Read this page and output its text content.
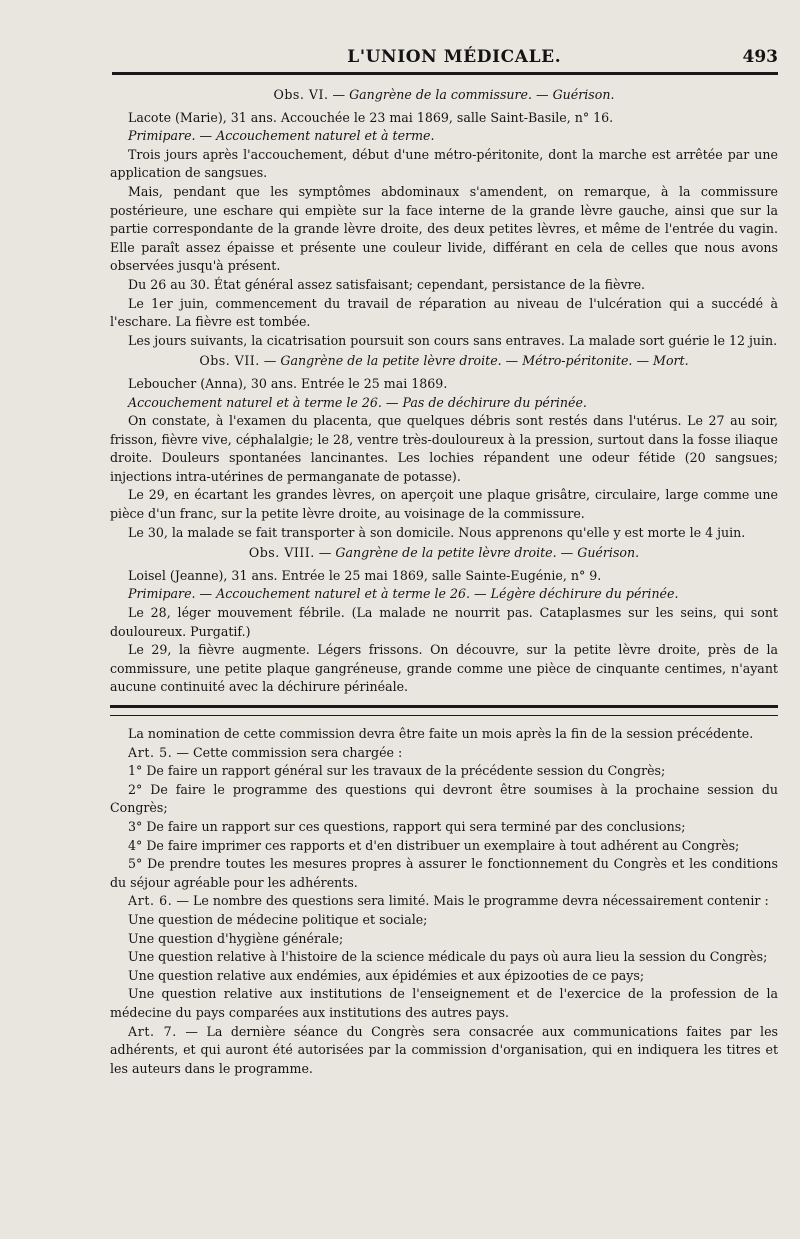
L'UNION MÉDICALE.	493
Obs. VI. — Gangrène de la commissure. — Guérison.

Lacote (Marie), 31 ans. Accouchée le 23 mai 1869, salle Saint-Basile, n° 16.

Primipare. — Accouchement naturel et à terme.

Trois jours après l'accouchement, début d'une métro-péritonite, dont la marche est arrêtée par une application de sangsues.

Mais, pendant que les symptômes abdominaux s'amendent, on remarque, à la commissure postérieure, une eschare qui empiète sur la face interne de la grande lèvre gauche, ainsi que sur la partie correspondante de la grande lèvre droite, des deux petites lèvres, et même de l'entrée du vagin. Elle paraît assez épaisse et présente une couleur livide, différant en cela de celles que nous avons observées jusqu'à présent.

Du 26 au 30. État général assez satisfaisant; cependant, persistance de la fièvre.

Le 1er juin, commencement du travail de réparation au niveau de l'ulcération qui a succédé à l'eschare. La fièvre est tombée.

Les jours suivants, la cicatrisation poursuit son cours sans entraves. La malade sort guérie le 12 juin.

Obs. VII. — Gangrène de la petite lèvre droite. — Métro-péritonite. — Mort.

Leboucher (Anna), 30 ans. Entrée le 25 mai 1869.

Accouchement naturel et à terme le 26. — Pas de déchirure du périnée.

On constate, à l'examen du placenta, que quelques débris sont restés dans l'utérus. Le 27 au soir, frisson, fièvre vive, céphalalgie; le 28, ventre très-douloureux à la pression, surtout dans la fosse iliaque droite. Douleurs spontanées lancinantes. Les lochies répandent une odeur fétide (20 sangsues; injections intra-utérines de permanganate de potasse).

Le 29, en écartant les grandes lèvres, on aperçoit une plaque grisâtre, circulaire, large comme une pièce d'un franc, sur la petite lèvre droite, au voisinage de la commissure.

Le 30, la malade se fait transporter à son domicile. Nous apprenons qu'elle y est morte le 4 juin.

Obs. VIII. — Gangrène de la petite lèvre droite. — Guérison.

Loisel (Jeanne), 31 ans. Entrée le 25 mai 1869, salle Sainte-Eugénie, n° 9.

Primipare. — Accouchement naturel et à terme le 26. — Légère déchirure du périnée.

Le 28, léger mouvement fébrile. (La malade ne nourrit pas. Cataplasmes sur les seins, qui sont douloureux. Purgatif.)

Le 29, la fièvre augmente. Légers frissons. On découvre, sur la petite lèvre droite, près de la commissure, une petite plaque gangréneuse, grande comme une pièce de cinquante centimes, n'ayant aucune continuité avec la déchirure périnéale.

La nomination de cette commission devra être faite un mois après la fin de la session précédente.

Art. 5. — Cette commission sera chargée :

1° De faire un rapport général sur les travaux de la précédente session du Congrès;

2° De faire le programme des questions qui devront être soumises à la prochaine session du Congrès;

3° De faire un rapport sur ces questions, rapport qui sera terminé par des conclusions;

4° De faire imprimer ces rapports et d'en distribuer un exemplaire à tout adhérent au Congrès;

5° De prendre toutes les mesures propres à assurer le fonctionnement du Congrès et les conditions du séjour agréable pour les adhérents.

Art. 6. — Le nombre des questions sera limité. Mais le programme devra nécessairement contenir :

Une question de médecine politique et sociale;

Une question d'hygiène générale;

Une question relative à l'histoire de la science médicale du pays où aura lieu la session du Congrès;

Une question relative aux endémies, aux épidémies et aux épizooties de ce pays;

Une question relative aux institutions de l'enseignement et de l'exercice de la profession de la médecine du pays comparées aux institutions des autres pays.

Art. 7. — La dernière séance du Congrès sera consacrée aux communications faites par les adhérents, et qui auront été autorisées par la commission d'organisation, qui en indiquera les titres et les auteurs dans le programme.
